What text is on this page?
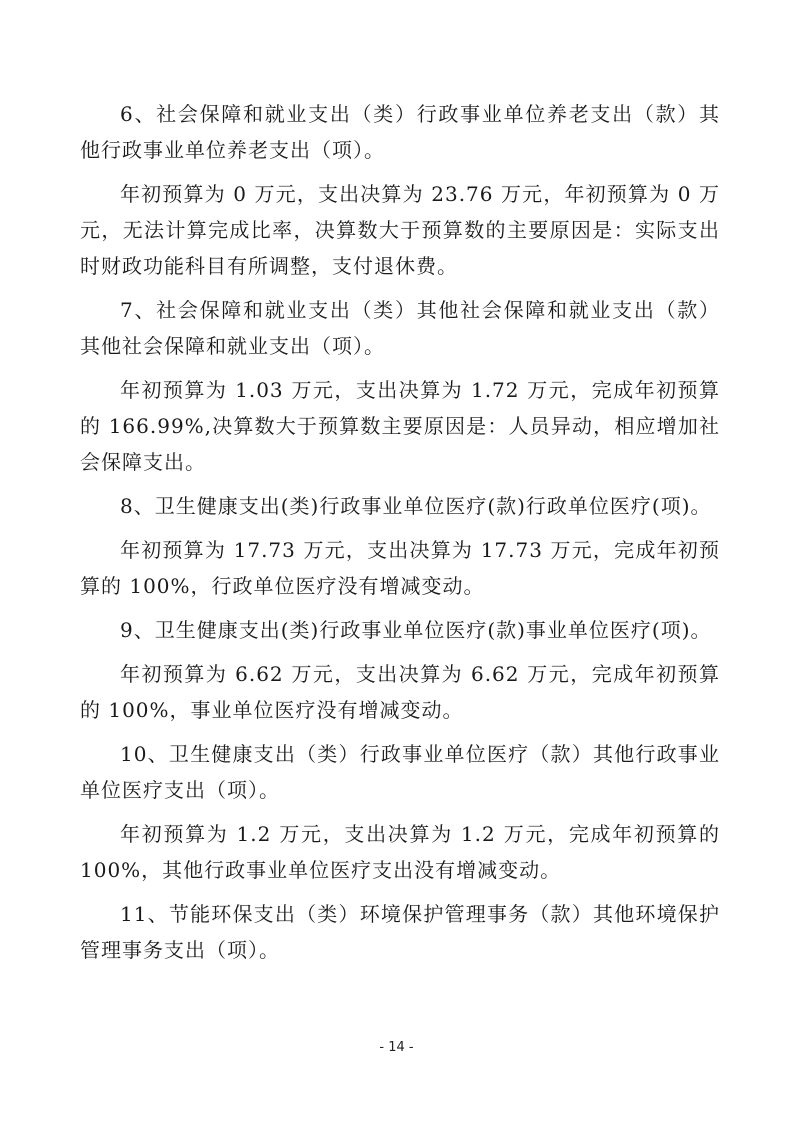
6、社会保障和就业支出（类）行政事业单位养老支出（款）其他行政事业单位养老支出（项）。

年初预算为 0 万元，支出决算为 23.76 万元，年初预算为 0 万元，无法计算完成比率，决算数大于预算数的主要原因是：实际支出时财政功能科目有所调整，支付退休费。

7、社会保障和就业支出（类）其他社会保障和就业支出（款）其他社会保障和就业支出（项）。

年初预算为 1.03 万元，支出决算为 1.72 万元，完成年初预算的 166.99%,决算数大于预算数主要原因是：人员异动，相应增加社会保障支出。

8、卫生健康支出(类)行政事业单位医疗(款)行政单位医疗(项)。

年初预算为 17.73 万元，支出决算为 17.73 万元，完成年初预算的 100%，行政单位医疗没有增减变动。

9、卫生健康支出(类)行政事业单位医疗(款)事业单位医疗(项)。

年初预算为 6.62 万元，支出决算为 6.62 万元，完成年初预算的 100%，事业单位医疗没有增减变动。

10、卫生健康支出（类）行政事业单位医疗（款）其他行政事业单位医疗支出（项）。

年初预算为 1.2 万元，支出决算为 1.2 万元，完成年初预算的 100%，其他行政事业单位医疗支出没有增减变动。

11、节能环保支出（类）环境保护管理事务（款）其他环境保护管理事务支出（项）。

- 14 -
